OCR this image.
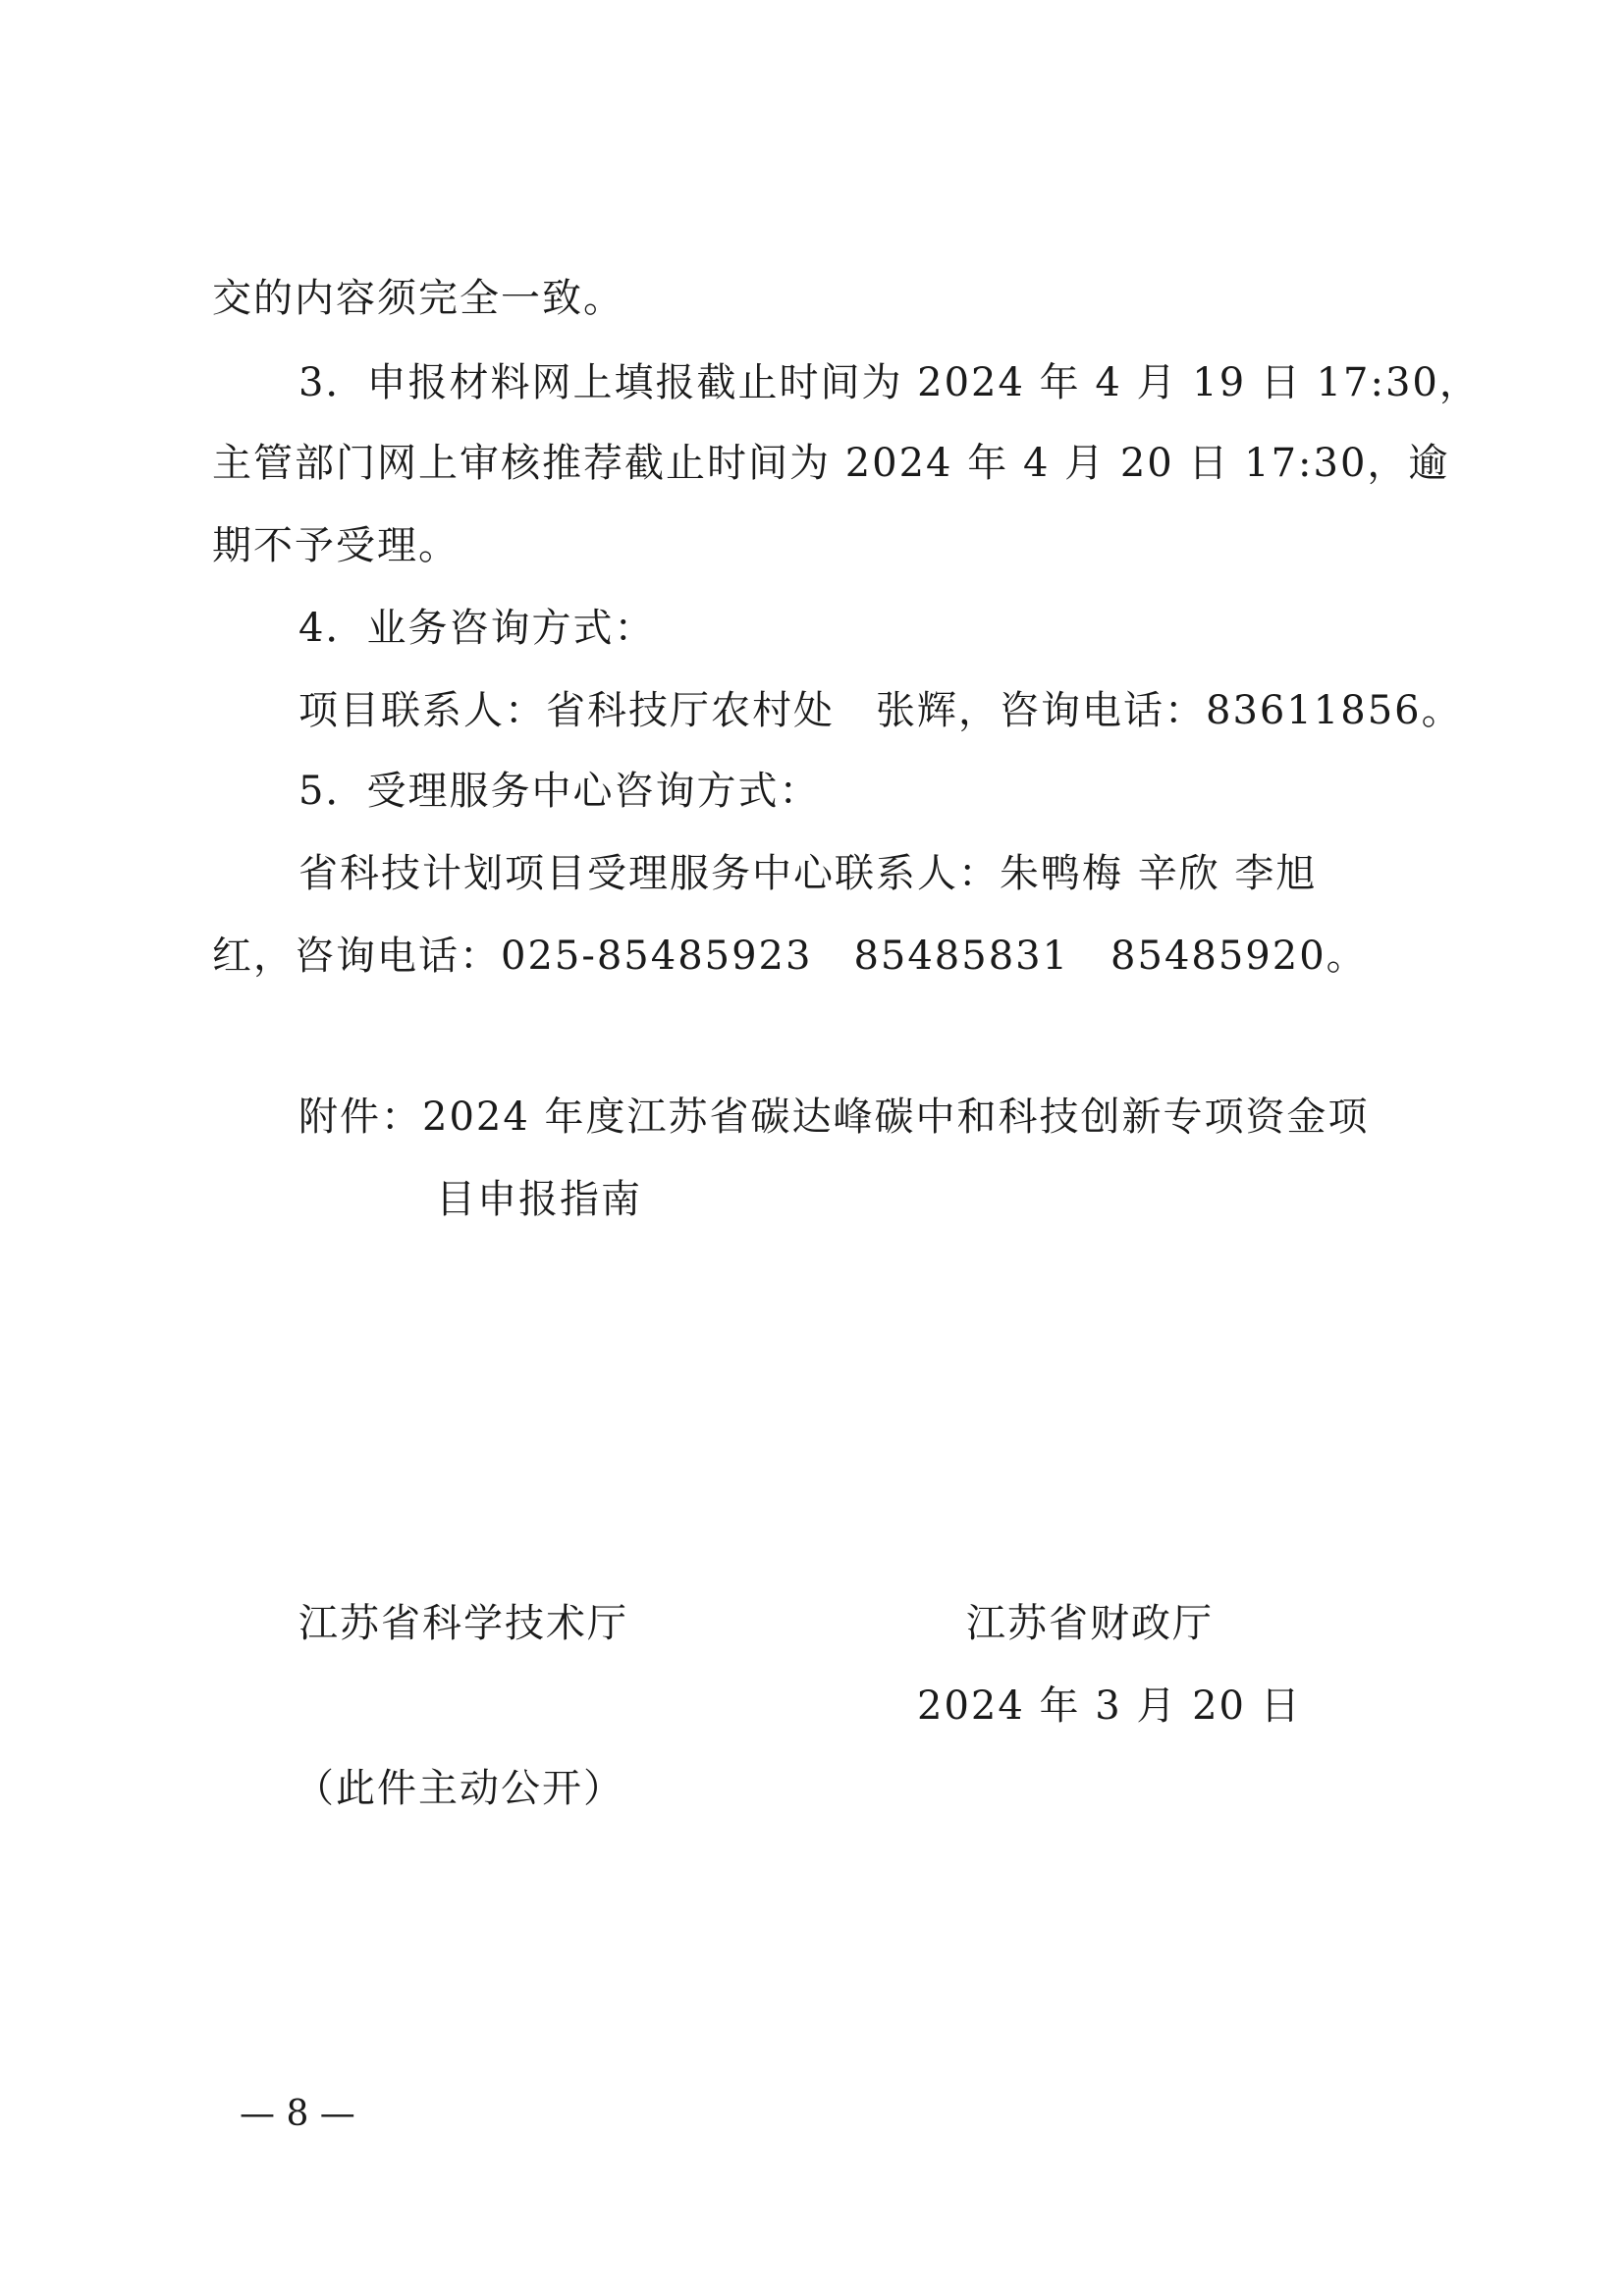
交的内容须完全一致。
3．申报材料网上填报截止时间为 2024 年 4 月 19 日 17:30，
主管部门网上审核推荐截止时间为 2024 年 4 月 20 日 17:30，逾
期不予受理。
4．业务咨询方式：
项目联系人：省科技厅农村处　张辉，咨询电话：83611856。
5．受理服务中心咨询方式：
省科技计划项目受理服务中心联系人：朱鸭梅 辛欣 李旭
红，咨询电话：025-85485923　85485831　85485920。
附件：2024 年度江苏省碳达峰碳中和科技创新专项资金项
目申报指南
江苏省科学技术厅	江苏省财政厅
2024 年 3 月 20 日
（此件主动公开）
— 8 —
